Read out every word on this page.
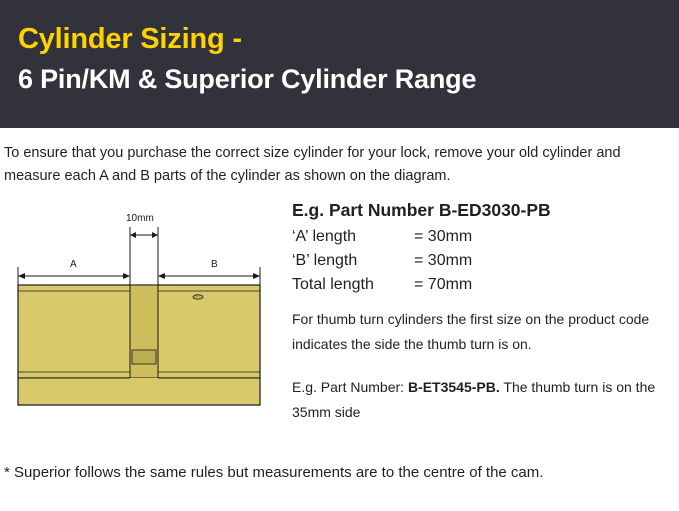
Cylinder Sizing -
6 Pin/KM & Superior Cylinder Range
To ensure that you purchase the correct size cylinder for your lock, remove your old cylinder and measure each A and B parts of the cylinder as shown on the diagram.
10mm
A	B
E.g. Part Number B-ED3030-PB
‘A’ length	= 30mm
‘B’ length	= 30mm
Total length	= 70mm
For thumb turn cylinders the first size on the product code indicates the side the thumb turn is on.
E.g. Part Number: B-ET3545-PB. The thumb turn is on the 35mm side
* Superior follows the same rules but measurements are to the centre of the cam.
